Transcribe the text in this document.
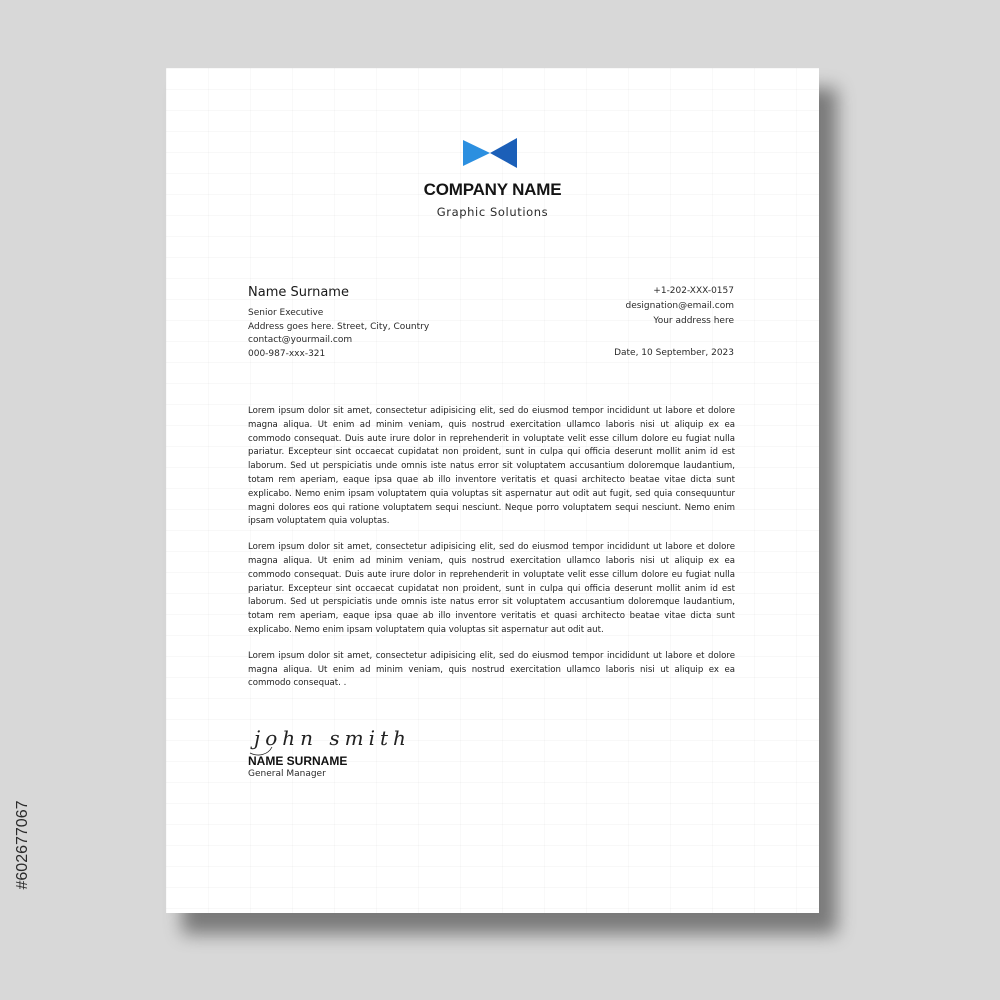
COMPANY NAME
Graphic Solutions
Name Surname
Senior Executive
Address goes here. Street, City, Country
contact@yourmail.com
000-987-xxx-321
+1-202-XXX-0157
designation@email.com
Your address here
Date, 10 September, 2023

Lorem ipsum dolor sit amet, consectetur adipisicing elit, sed do eiusmod tempor incididunt ut labore et dolore magna aliqua. Ut enim ad minim veniam, quis nostrud exercitation ullamco laboris nisi ut aliquip ex ea commodo consequat. Duis aute irure dolor in reprehenderit in voluptate velit esse cillum dolore eu fugiat nulla pariatur. Excepteur sint occaecat cupidatat non proident, sunt in culpa qui officia deserunt mollit anim id est laborum. Sed ut perspiciatis unde omnis iste natus error sit voluptatem accusantium doloremque laudantium, totam rem aperiam, eaque ipsa quae ab illo inventore veritatis et quasi architecto beatae vitae dicta sunt explicabo. Nemo enim ipsam voluptatem quia voluptas sit aspernatur aut odit aut fugit, sed quia consequuntur magni dolores eos qui ratione voluptatem sequi nesciunt. Neque porro voluptatem sequi nesciunt. Nemo enim ipsam voluptatem quia voluptas.

Lorem ipsum dolor sit amet, consectetur adipisicing elit, sed do eiusmod tempor incididunt ut labore et dolore magna aliqua. Ut enim ad minim veniam, quis nostrud exercitation ullamco laboris nisi ut aliquip ex ea commodo consequat. Duis aute irure dolor in reprehenderit in voluptate velit esse cillum dolore eu fugiat nulla pariatur. Excepteur sint occaecat cupidatat non proident, sunt in culpa qui officia deserunt mollit anim id est laborum. Sed ut perspiciatis unde omnis iste natus error sit voluptatem accusantium doloremque laudantium, totam rem aperiam, eaque ipsa quae ab illo inventore veritatis et quasi architecto beatae vitae dicta sunt explicabo. Nemo enim ipsam voluptatem quia voluptas sit aspernatur aut odit aut.

Lorem ipsum dolor sit amet, consectetur adipisicing elit, sed do eiusmod tempor incididunt ut labore et dolore magna aliqua. Ut enim ad minim veniam, quis nostrud exercitation ullamco laboris nisi ut aliquip ex ea commodo consequat. .

john smith
NAME SURNAME
General Manager
#602677067
